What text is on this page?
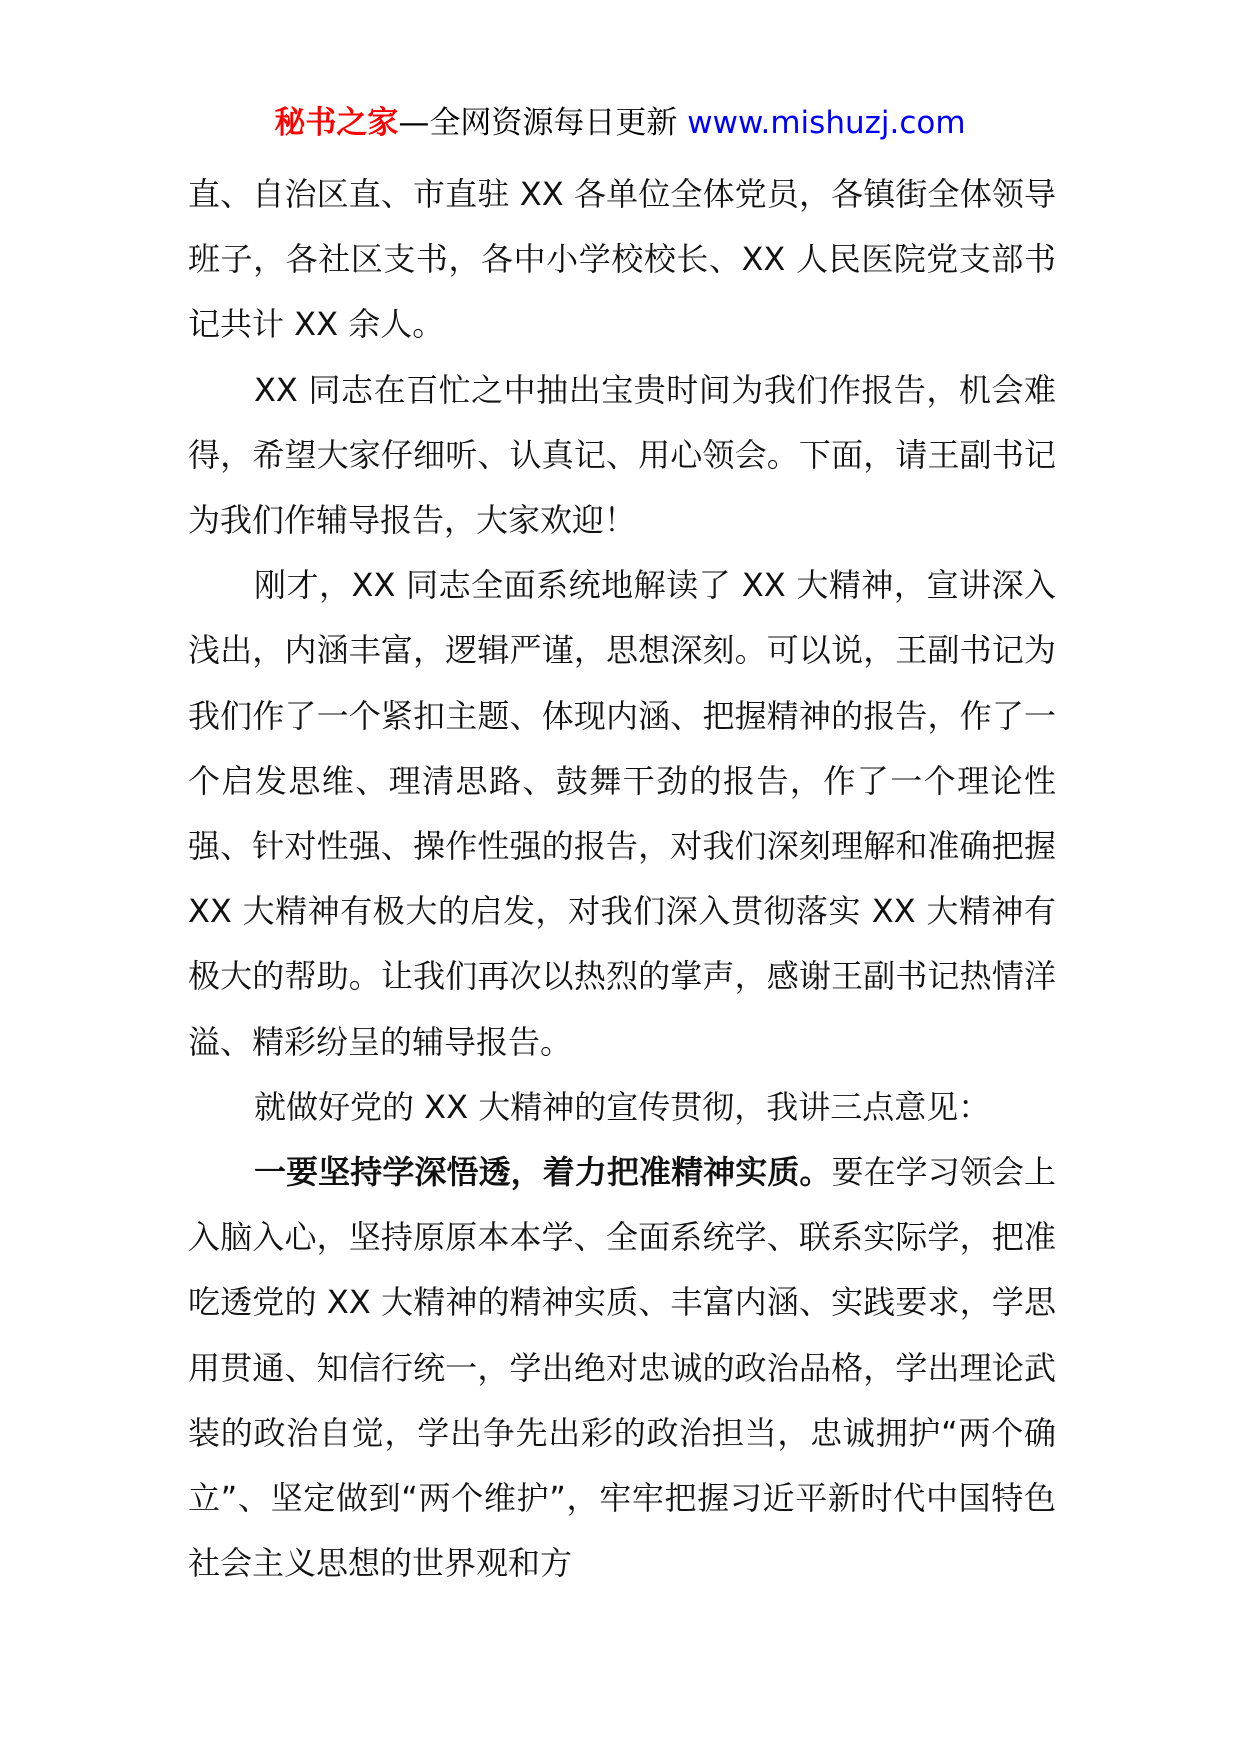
秘书之家—全网资源每日更新 www.mishuzj.com

直、自治区直、市直驻 XX 各单位全体党员，各镇街全体领导班子，各社区支书，各中小学校校长、XX 人民医院党支部书记共计 XX 余人。

XX 同志在百忙之中抽出宝贵时间为我们作报告，机会难得，希望大家仔细听、认真记、用心领会。下面，请王副书记为我们作辅导报告，大家欢迎！

刚才，XX 同志全面系统地解读了 XX 大精神，宣讲深入浅出，内涵丰富，逻辑严谨，思想深刻。可以说，王副书记为我们作了一个紧扣主题、体现内涵、把握精神的报告，作了一个启发思维、理清思路、鼓舞干劲的报告，作了一个理论性强、针对性强、操作性强的报告，对我们深刻理解和准确把握 XX 大精神有极大的启发，对我们深入贯彻落实 XX 大精神有极大的帮助。让我们再次以热烈的掌声，感谢王副书记热情洋溢、精彩纷呈的辅导报告。

就做好党的 XX 大精神的宣传贯彻，我讲三点意见：

一要坚持学深悟透，着力把准精神实质。要在学习领会上入脑入心，坚持原原本本学、全面系统学、联系实际学，把准吃透党的 XX 大精神的精神实质、丰富内涵、实践要求，学思用贯通、知信行统一，学出绝对忠诚的政治品格，学出理论武装的政治自觉，学出争先出彩的政治担当，忠诚拥护“两个确立”、坚定做到“两个维护”，牢牢把握习近平新时代中国特色社会主义思想的世界观和方
